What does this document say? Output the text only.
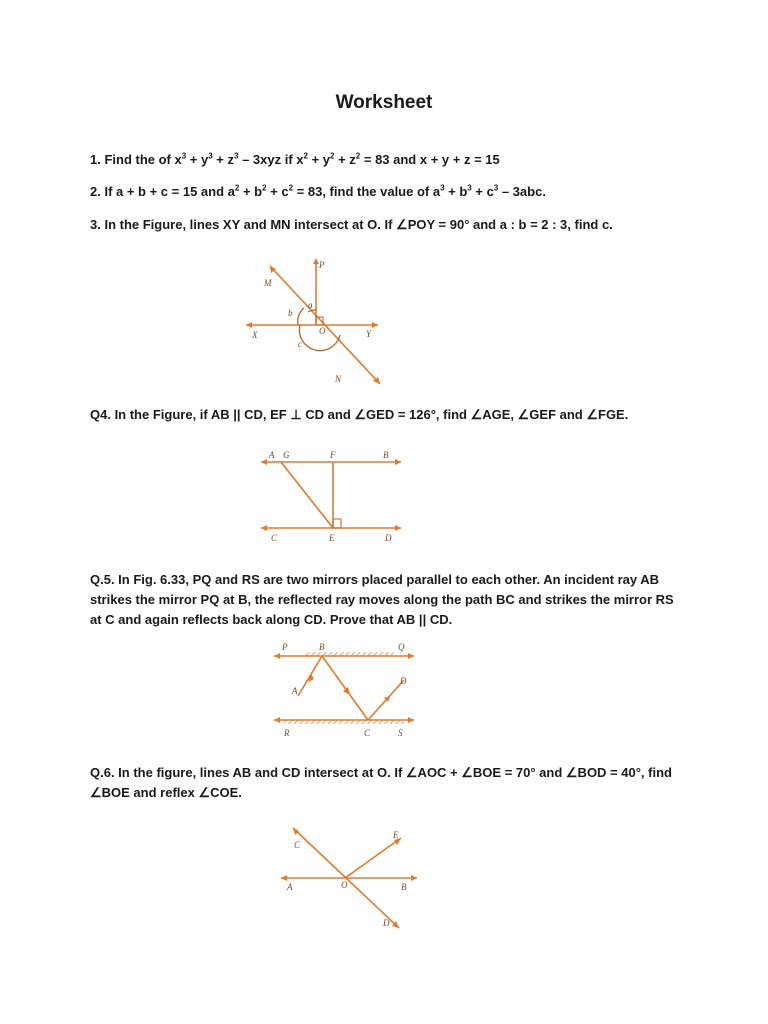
Worksheet

1. Find the of $x^3 + y^3 + z^3 - 3xyz$ if $x^2 + y^2 + z^2 = 83$ and x + y + z = 15

2. If a + b + c = 15 and $a^2 + b^2 + c^2 = 83$, find the value of $a^3 + b^3 + c^3 - 3abc$.

3. In the Figure, lines XY and MN intersect at O. If ∠POY = 90° and a : b = 2 : 3, find c.

M
P
a
b
O
X	Y
c
N

Q4. In the Figure, if AB || CD, EF ⊥ CD and ∠GED = 126°, find ∠AGE, ∠GEF and ∠FGE.

A G	F	B
C	E	D

Q.5. In Fig. 6.33, PQ and RS are two mirrors placed parallel to each other. An incident ray AB strikes the mirror PQ at B, the reflected ray moves along the path BC and strikes the mirror RS at C and again reflects back along CD. Prove that AB || CD.

P	B	Q
A
D
R	C	S

Q.6. In the figure, lines AB and CD intersect at O. If ∠AOC + ∠BOE = 70° and ∠BOD = 40°, find ∠BOE and reflex ∠COE.

C
E
A	O	B
D
